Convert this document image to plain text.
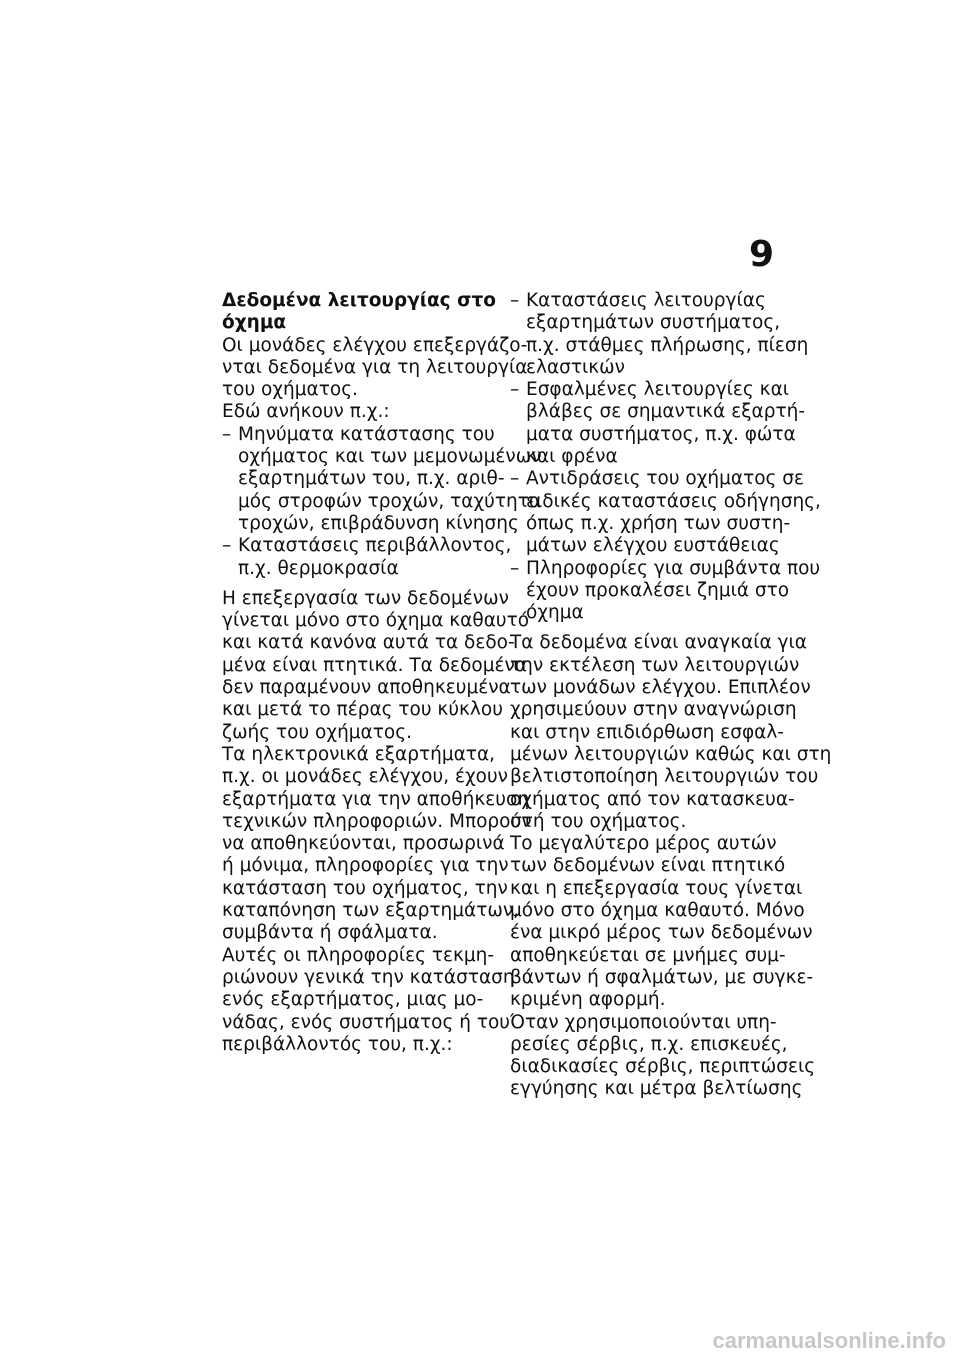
9
Δεδομένα λειτουργίας στο
όχημα
Οι μονάδες ελέγχου επεξεργάζο-
νται δεδομένα για τη λειτουργία
του οχήματος.
Εδώ ανήκουν π.χ.:
– Μηνύματα κατάστασης του
οχήματος και των μεμονωμένων
εξαρτημάτων του, π.χ. αριθ-
μός στροφών τροχών, ταχύτητα
τροχών, επιβράδυνση κίνησης
– Καταστάσεις περιβάλλοντος,
π.χ. θερμοκρασία
Η επεξεργασία των δεδομένων
γίνεται μόνο στο όχημα καθαυτό
και κατά κανόνα αυτά τα δεδο-
μένα είναι πτητικά. Τα δεδομένα
δεν παραμένουν αποθηκευμένα
και μετά το πέρας του κύκλου
ζωής του οχήματος.
Τα ηλεκτρονικά εξαρτήματα,
π.χ. οι μονάδες ελέγχου, έχουν
εξαρτήματα για την αποθήκευση
τεχνικών πληροφοριών. Μπορούν
να αποθηκεύονται, προσωρινά
ή μόνιμα, πληροφορίες για την
κατάσταση του οχήματος, την
καταπόνηση των εξαρτημάτων,
συμβάντα ή σφάλματα.
Αυτές οι πληροφορίες τεκμη-
ριώνουν γενικά την κατάσταση
ενός εξαρτήματος, μιας μο-
νάδας, ενός συστήματος ή του
περιβάλλοντός του, π.χ.:
– Καταστάσεις λειτουργίας
εξαρτημάτων συστήματος,
π.χ. στάθμες πλήρωσης, πίεση
ελαστικών
– Εσφαλμένες λειτουργίες και
βλάβες σε σημαντικά εξαρτή-
ματα συστήματος, π.χ. φώτα
και φρένα
– Αντιδράσεις του οχήματος σε
ειδικές καταστάσεις οδήγησης,
όπως π.χ. χρήση των συστη-
μάτων ελέγχου ευστάθειας
– Πληροφορίες για συμβάντα που
έχουν προκαλέσει ζημιά στο
όχημα
Τα δεδομένα είναι αναγκαία για
την εκτέλεση των λειτουργιών
των μονάδων ελέγχου. Επιπλέον
χρησιμεύουν στην αναγνώριση
και στην επιδιόρθωση εσφαλ-
μένων λειτουργιών καθώς και στη
βελτιστοποίηση λειτουργιών του
οχήματος από τον κατασκευα-
στή του οχήματος.
Το μεγαλύτερο μέρος αυτών
των δεδομένων είναι πτητικό
και η επεξεργασία τους γίνεται
μόνο στο όχημα καθαυτό. Μόνο
ένα μικρό μέρος των δεδομένων
αποθηκεύεται σε μνήμες συμ-
βάντων ή σφαλμάτων, με συγκε-
κριμένη αφορμή.
Όταν χρησιμοποιούνται υπη-
ρεσίες σέρβις, π.χ. επισκευές,
διαδικασίες σέρβις, περιπτώσεις
εγγύησης και μέτρα βελτίωσης
carmanualsonline.info
